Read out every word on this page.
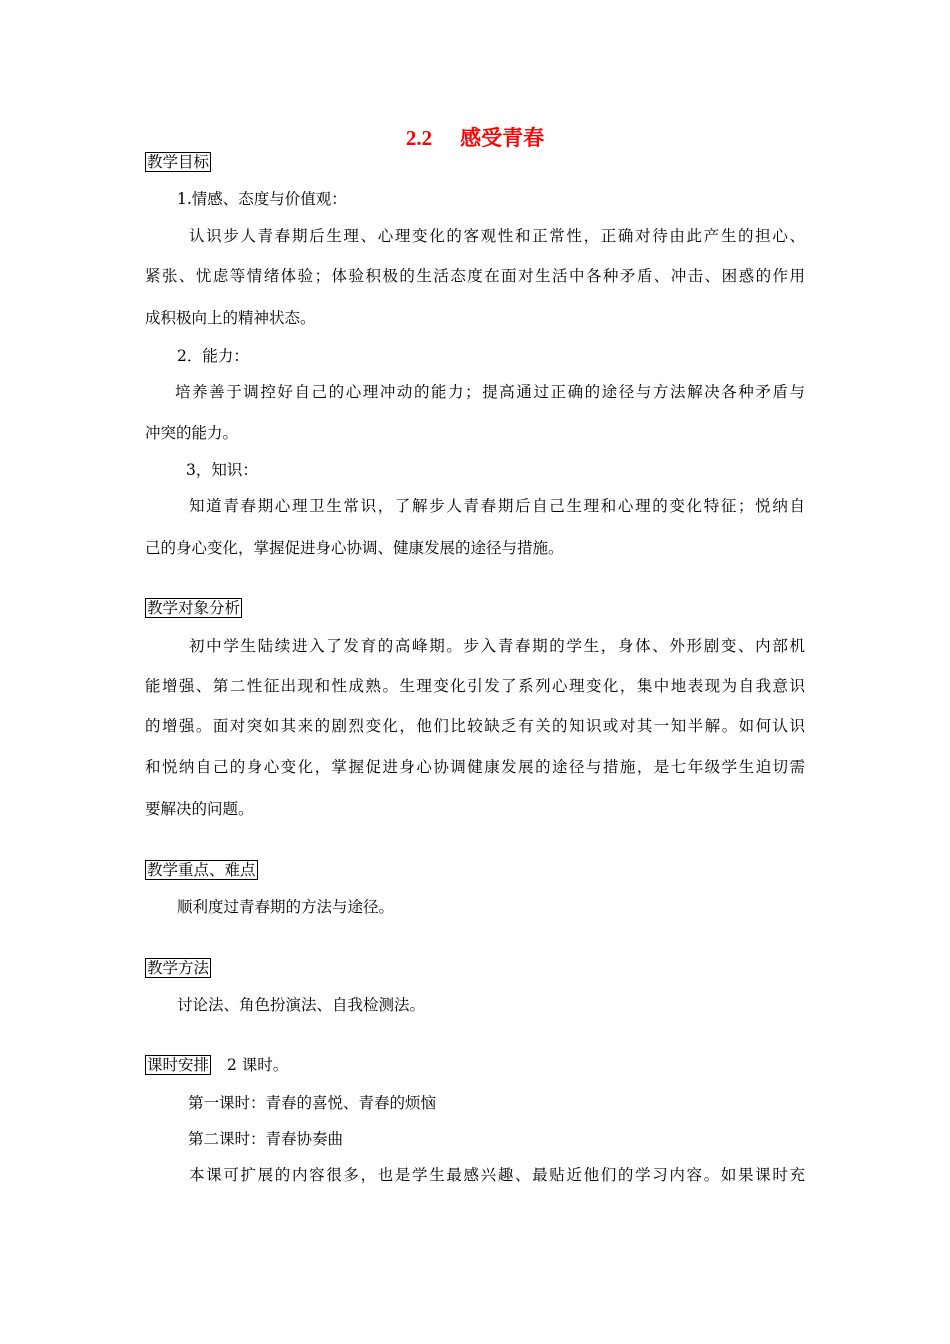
2.2 感受青春
教学目标
1.情感、态度与价值观：
认识步人青春期后生理、心理变化的客观性和正常性，正确对待由此产生的担心、
紧张、忧虑等情绪体验；体验积极的生活态度在面对生活中各种矛盾、冲击、困惑的作用
成积极向上的精神状态。
2．能力：
培养善于调控好自己的心理冲动的能力；提高通过正确的途径与方法解决各种矛盾与
冲突的能力。
3，知识：
知道青春期心理卫生常识，了解步人青春期后自己生理和心理的变化特征；悦纳自
己的身心变化，掌握促进身心协调、健康发展的途径与措施。
教学对象分析
初中学生陆续进入了发育的高峰期。步入青春期的学生，身体、外形剧变、内部机
能增强、第二性征出现和性成熟。生理变化引发了系列心理变化，集中地表现为自我意识
的增强。面对突如其来的剧烈变化，他们比较缺乏有关的知识或对其一知半解。如何认识
和悦纳自己的身心变化，掌握促进身心协调健康发展的途径与措施，是七年级学生迫切需
要解决的问题。
教学重点、难点
顺利度过青春期的方法与途径。
教学方法
讨论法、角色扮演法、自我检测法。
课时安排 2 课时。
第一课时：青春的喜悦、青春的烦恼
第二课时：青春协奏曲
本课可扩展的内容很多，也是学生最感兴趣、最贴近他们的学习内容。如果课时充
